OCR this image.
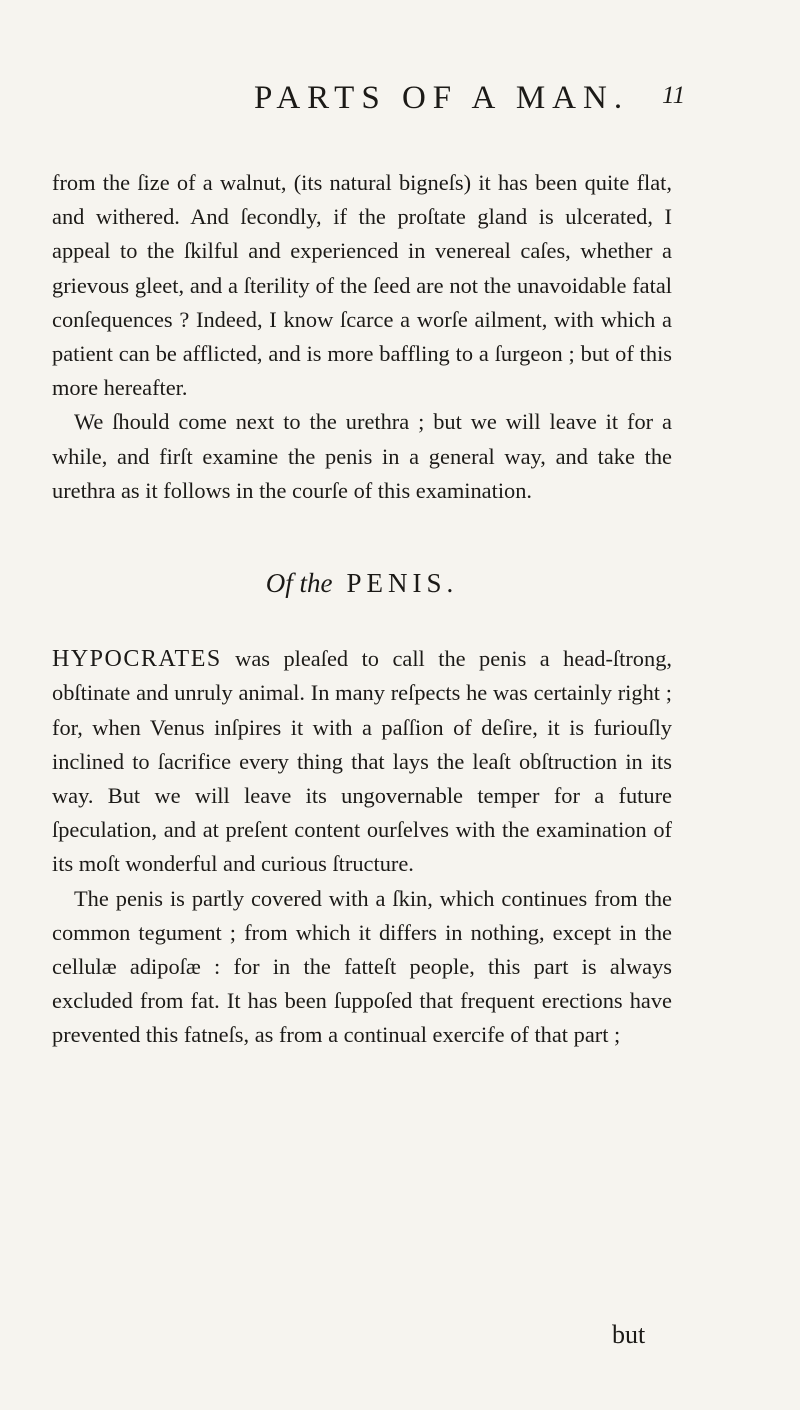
PARTS OF A MAN. 11

from the ſize of a walnut, (its natural bigneſs) it has been quite flat, and withered. And ſecondly, if the proſtate gland is ulcerated, I appeal to the ſkilful and experienced in venereal caſes, whether a grievous gleet, and a ſterility of the ſeed are not the unavoidable fatal conſequences ? Indeed, I know ſcarce a worſe ailment, with which a patient can be afflicted, and is more baffling to a ſurgeon ; but of this more hereafter.

We ſhould come next to the urethra ; but we will leave it for a while, and firſt examine the penis in a general way, and take the urethra as it follows in the courſe of this examination.

Of the PENIS.

HYPOCRATES was pleaſed to call the penis a head-ſtrong, obſtinate and unruly animal. In many reſpects he was certainly right ; for, when Venus inſpires it with a paſſion of deſire, it is furiouſly inclined to ſacrifice every thing that lays the leaſt obſtruction in its way. But we will leave its ungovernable temper for a future ſpeculation, and at preſent content ourſelves with the examination of its moſt wonderful and curious ſtructure.

The penis is partly covered with a ſkin, which continues from the common tegument ; from which it differs in nothing, except in the cellulæ adipoſæ : for in the fatteſt people, this part is always excluded from fat. It has been ſuppoſed that frequent erections have prevented this fatneſs, as from a continual exercife of that part ;

but
